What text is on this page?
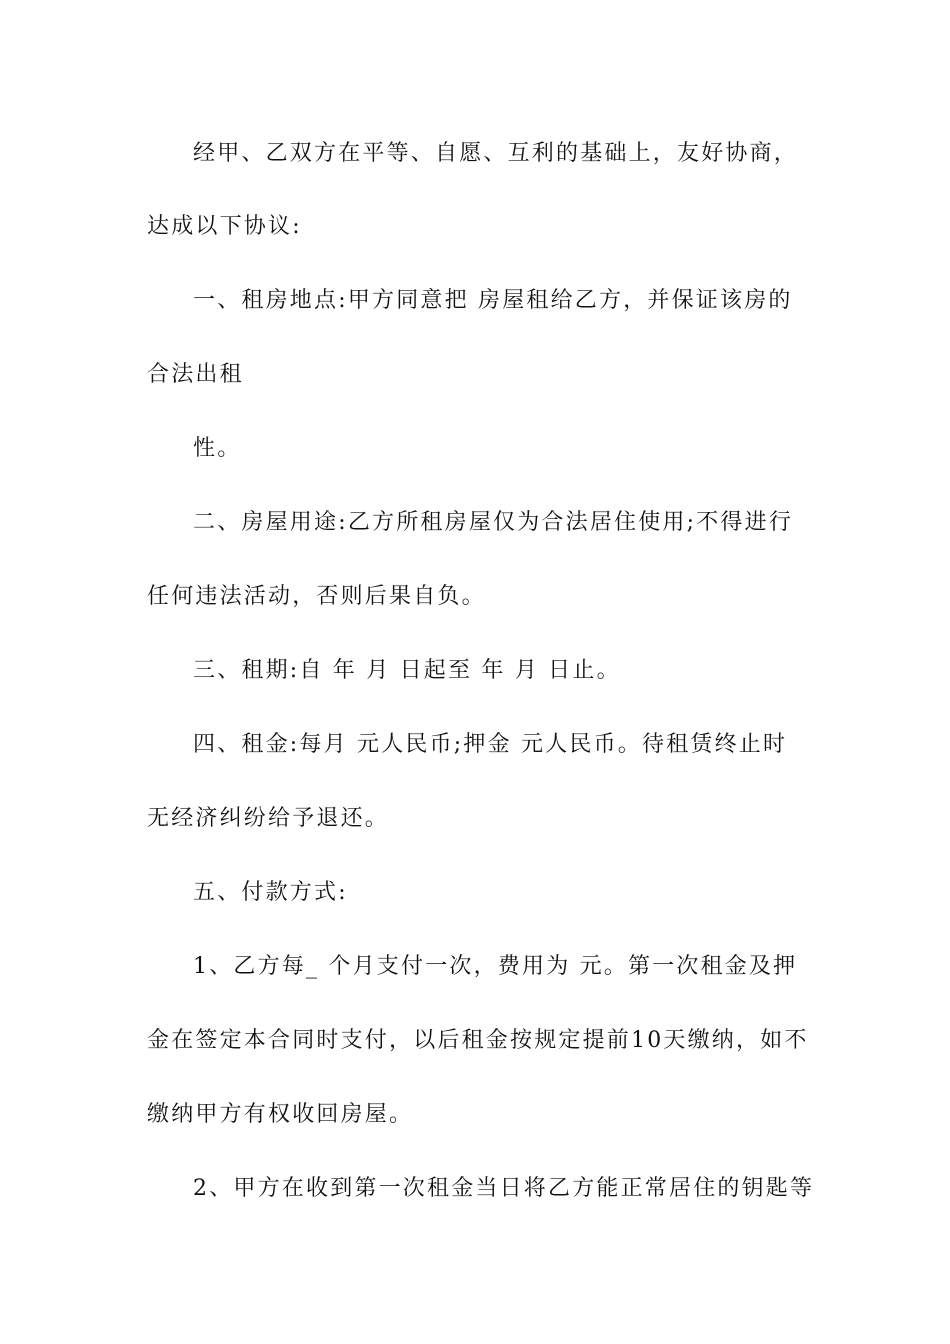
经甲、乙双方在平等、自愿、互利的基础上，友好协商，
达成以下协议:
一、租房地点:甲方同意把 房屋租给乙方，并保证该房的
合法出租
性。
二、房屋用途:乙方所租房屋仅为合法居住使用;不得进行
任何违法活动，否则后果自负。
三、租期:自 年 月 日起至 年 月 日止。
四、租金:每月 元人民币;押金 元人民币。待租赁终止时
无经济纠纷给予退还。
五、付款方式:
1、乙方每_ 个月支付一次，费用为 元。第一次租金及押
金在签定本合同时支付，以后租金按规定提前10天缴纳，如不
缴纳甲方有权收回房屋。
2、甲方在收到第一次租金当日将乙方能正常居住的钥匙等
